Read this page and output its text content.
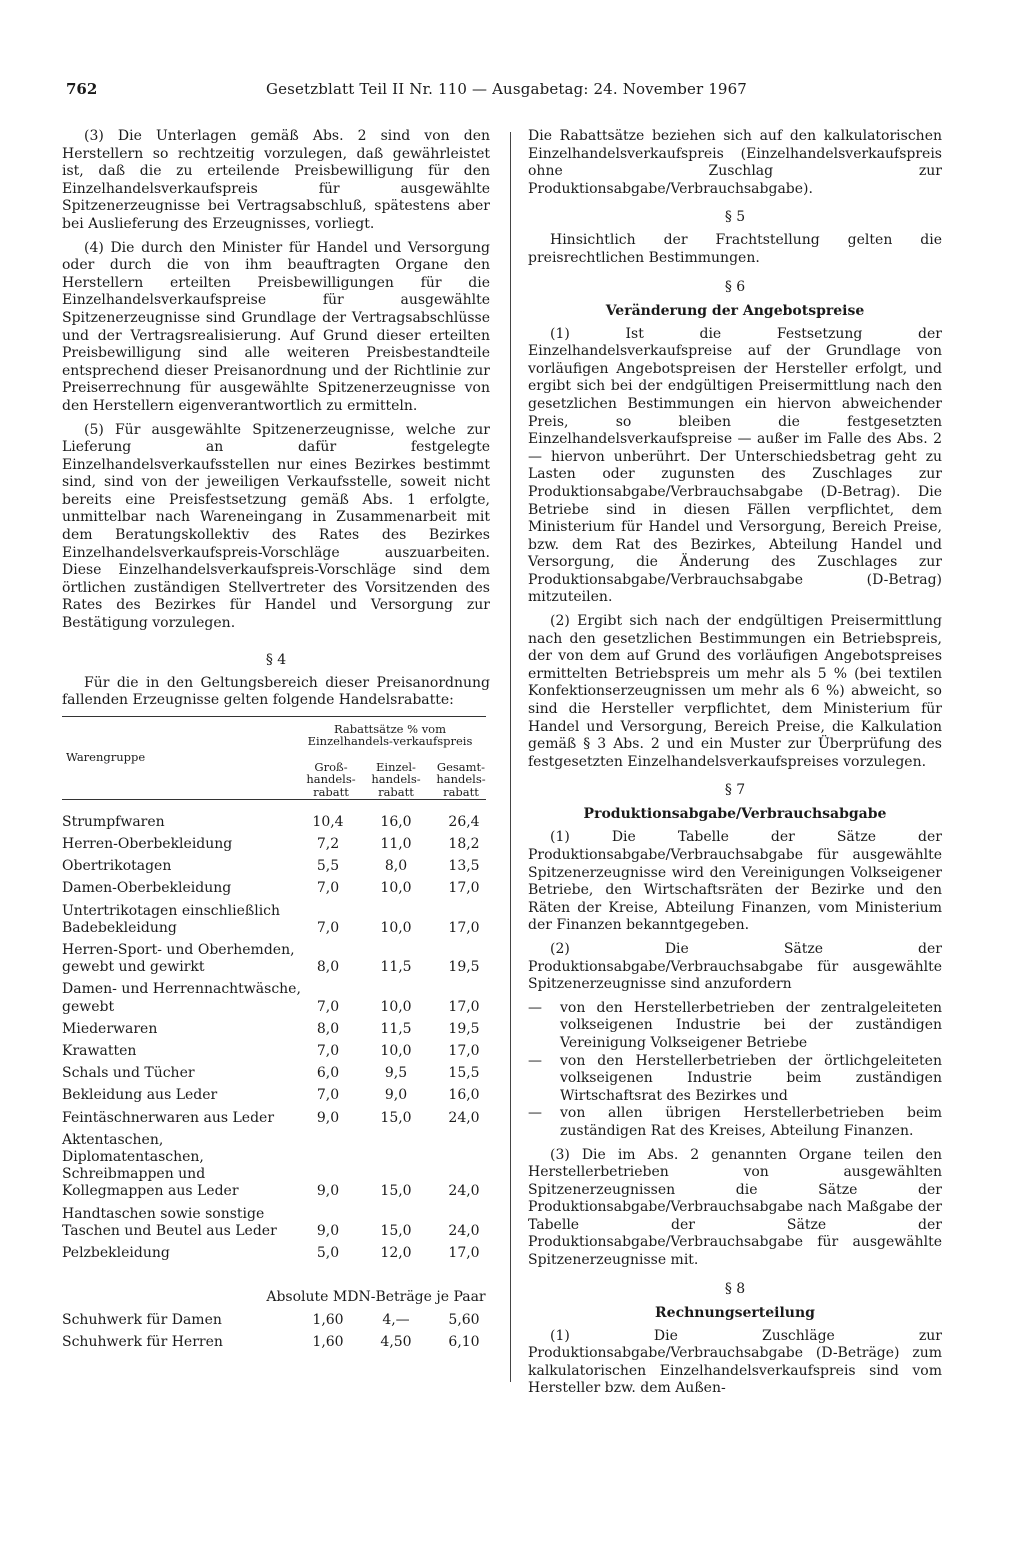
762	Gesetzblatt Teil II Nr. 110 — Ausgabetag: 24. November 1967

(3) Die Unterlagen gemäß Abs. 2 sind von den Herstellern so rechtzeitig vorzulegen, daß gewährleistet ist, daß die zu erteilende Preisbewilligung für den Einzelhandelsverkaufspreis für ausgewählte Spitzenerzeugnisse bei Vertragsabschluß, spätestens aber bei Auslieferung des Erzeugnisses, vorliegt.

(4) Die durch den Minister für Handel und Versorgung oder durch die von ihm beauftragten Organe den Herstellern erteilten Preisbewilligungen für die Einzelhandelsverkaufspreise für ausgewählte Spitzenerzeugnisse sind Grundlage der Vertragsabschlüsse und der Vertragsrealisierung. Auf Grund dieser erteilten Preisbewilligung sind alle weiteren Preisbestandteile entsprechend dieser Preisanordnung und der Richtlinie zur Preiserrechnung für ausgewählte Spitzenerzeugnisse von den Herstellern eigenverantwortlich zu ermitteln.

(5) Für ausgewählte Spitzenerzeugnisse, welche zur Lieferung an dafür festgelegte Einzelhandelsverkaufsstellen nur eines Bezirkes bestimmt sind, sind von der jeweiligen Verkaufsstelle, soweit nicht bereits eine Preisfestsetzung gemäß Abs. 1 erfolgte, unmittelbar nach Wareneingang in Zusammenarbeit mit dem Beratungskollektiv des Rates des Bezirkes Einzelhandelsverkaufspreis-Vorschläge auszuarbeiten. Diese Einzelhandelsverkaufspreis-Vorschläge sind dem örtlichen zuständigen Stellvertreter des Vorsitzenden des Rates des Bezirkes für Handel und Versorgung zur Bestätigung vorzulegen.

§ 4

Für die in den Geltungsbereich dieser Preisanordnung fallenden Erzeugnisse gelten folgende Handelsrabatte:

Warengruppe
Rabattsätze % vom Einzelhandels-verkaufspreis
Groß-handels-rabatt
Einzel-handels-rabatt
Gesamt-handels-rabatt
Strumpfwaren	10,4	16,0	26,4
Herren-Oberbekleidung	7,2	11,0	18,2
Obertrikotagen	5,5	8,0	13,5
Damen-Oberbekleidung	7,0	10,0	17,0
Untertrikotagen einschließlich Badebekleidung	7,0	10,0	17,0
Herren-Sport- und Oberhemden, gewebt und gewirkt	8,0	11,5	19,5
Damen- und Herrennachtwäsche, gewebt	7,0	10,0	17,0
Miederwaren	8,0	11,5	19,5
Krawatten	7,0	10,0	17,0
Schals und Tücher	6,0	9,5	15,5
Bekleidung aus Leder	7,0	9,0	16,0
Feintäschnerwaren aus Leder	9,0	15,0	24,0
Aktentaschen, Diplomatentaschen, Schreibmappen und Kollegmappen aus Leder	9,0	15,0	24,0
Handtaschen sowie sonstige Taschen und Beutel aus Leder	9,0	15,0	24,0
Pelzbekleidung	5,0	12,0	17,0
Absolute MDN-Beträge je Paar
Schuhwerk für Damen	1,60	4,—	5,60
Schuhwerk für Herren	1,60	4,50	6,10

Die Rabattsätze beziehen sich auf den kalkulatorischen Einzelhandelsverkaufspreis (Einzelhandelsverkaufspreis ohne Zuschlag zur Produktionsabgabe/Verbrauchsabgabe).

§ 5

Hinsichtlich der Frachtstellung gelten die preisrechtlichen Bestimmungen.

§ 6
Veränderung der Angebotspreise

(1) Ist die Festsetzung der Einzelhandelsverkaufspreise auf der Grundlage von vorläufigen Angebotspreisen der Hersteller erfolgt, und ergibt sich bei der endgültigen Preisermittlung nach den gesetzlichen Bestimmungen ein hiervon abweichender Preis, so bleiben die festgesetzten Einzelhandelsverkaufspreise — außer im Falle des Abs. 2 — hiervon unberührt. Der Unterschiedsbetrag geht zu Lasten oder zugunsten des Zuschlages zur Produktionsabgabe/Verbrauchsabgabe (D-Betrag). Die Betriebe sind in diesen Fällen verpflichtet, dem Ministerium für Handel und Versorgung, Bereich Preise, bzw. dem Rat des Bezirkes, Abteilung Handel und Versorgung, die Änderung des Zuschlages zur Produktionsabgabe/Verbrauchsabgabe (D-Betrag) mitzuteilen.

(2) Ergibt sich nach der endgültigen Preisermittlung nach den gesetzlichen Bestimmungen ein Betriebspreis, der von dem auf Grund des vorläufigen Angebotspreises ermittelten Betriebspreis um mehr als 5 % (bei textilen Konfektionserzeugnissen um mehr als 6 %) abweicht, so sind die Hersteller verpflichtet, dem Ministerium für Handel und Versorgung, Bereich Preise, die Kalkulation gemäß § 3 Abs. 2 und ein Muster zur Überprüfung des festgesetzten Einzelhandelsverkaufspreises vorzulegen.

§ 7
Produktionsabgabe/Verbrauchsabgabe

(1) Die Tabelle der Sätze der Produktionsabgabe/Verbrauchsabgabe für ausgewählte Spitzenerzeugnisse wird den Vereinigungen Volkseigener Betriebe, den Wirtschaftsräten der Bezirke und den Räten der Kreise, Abteilung Finanzen, vom Ministerium der Finanzen bekanntgegeben.

(2) Die Sätze der Produktionsabgabe/Verbrauchsabgabe für ausgewählte Spitzenerzeugnisse sind anzufordern

— von den Herstellerbetrieben der zentralgeleiteten volkseigenen Industrie bei der zuständigen Vereinigung Volkseigener Betriebe
— von den Herstellerbetrieben der örtlichgeleiteten volkseigenen Industrie beim zuständigen Wirtschaftsrat des Bezirkes und
— von allen übrigen Herstellerbetrieben beim zuständigen Rat des Kreises, Abteilung Finanzen.

(3) Die im Abs. 2 genannten Organe teilen den Herstellerbetrieben von ausgewählten Spitzenerzeugnissen die Sätze der Produktionsabgabe/Verbrauchsabgabe nach Maßgabe der Tabelle der Sätze der Produktionsabgabe/Verbrauchsabgabe für ausgewählte Spitzenerzeugnisse mit.

§ 8
Rechnungserteilung

(1) Die Zuschläge zur Produktionsabgabe/Verbrauchsabgabe (D-Beträge) zum kalkulatorischen Einzelhandelsverkaufspreis sind vom Hersteller bzw. dem Außen-
